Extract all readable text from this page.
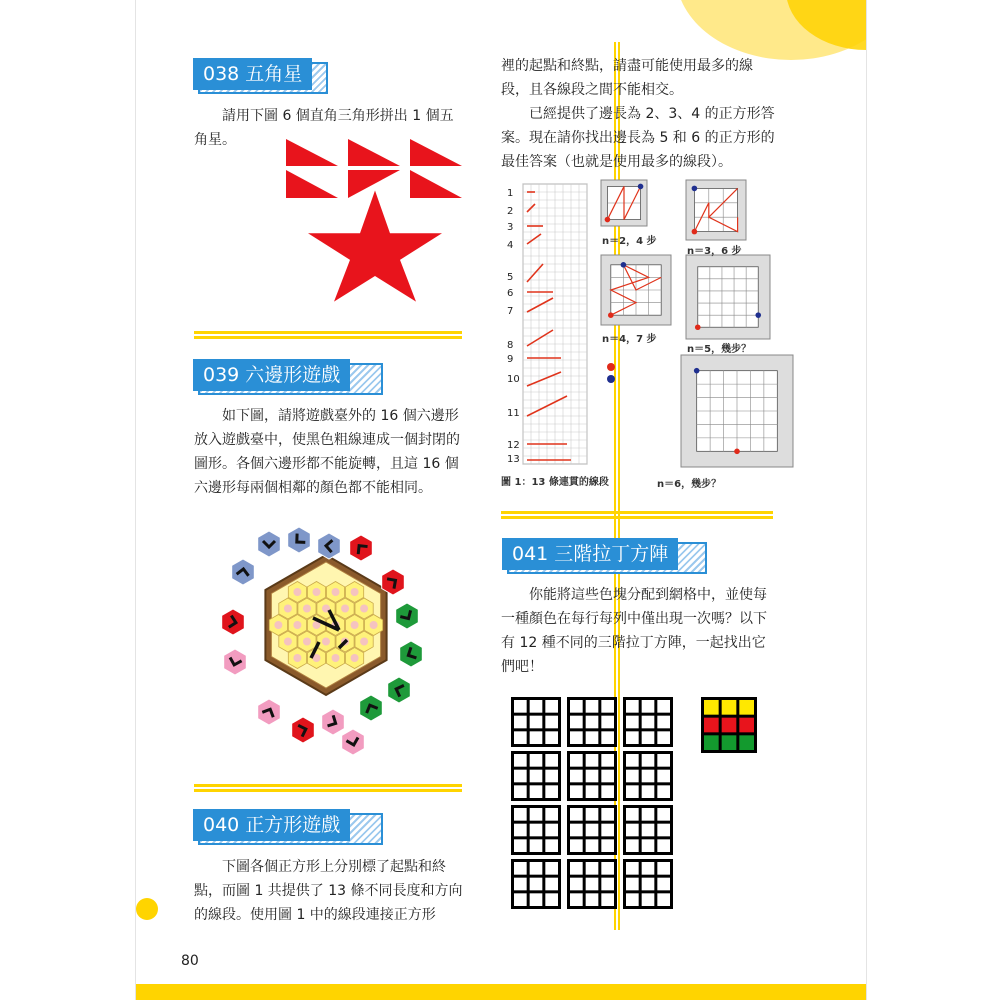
038 五角星

請用下圖 6 個直角三角形拼出 1 個五角星。

039 六邊形遊戲

如下圖，請將遊戲臺外的 16 個六邊形放入遊戲臺中，使黑色粗線連成一個封閉的圖形。各個六邊形都不能旋轉，且這 16 個六邊形每兩個相鄰的顏色都不能相同。

040 正方形遊戲

下圖各個正方形上分別標了起點和終點，而圖 1 共提供了 13 條不同長度和方向的線段。使用圖 1 中的線段連接正方形

裡的起點和終點，請盡可能使用最多的線段，且各線段之間不能相交。

已經提供了邊長為 2、3、4 的正方形答案。現在請你找出邊長為 5 和 6 的正方形的最佳答案（也就是使用最多的線段）。

1
2
3
4
5
6
7
8
9
10
11
12
13
圖 1：13 條連貫的線段
n＝2，4 步
n＝3，6 步
n＝4，7 步
n＝5，幾步？
n＝6，幾步？
041 三階拉丁方陣

你能將這些色塊分配到網格中，並使每一種顏色在每行每列中僅出現一次嗎？以下有 12 種不同的三階拉丁方陣，一起找出它們吧！

80
